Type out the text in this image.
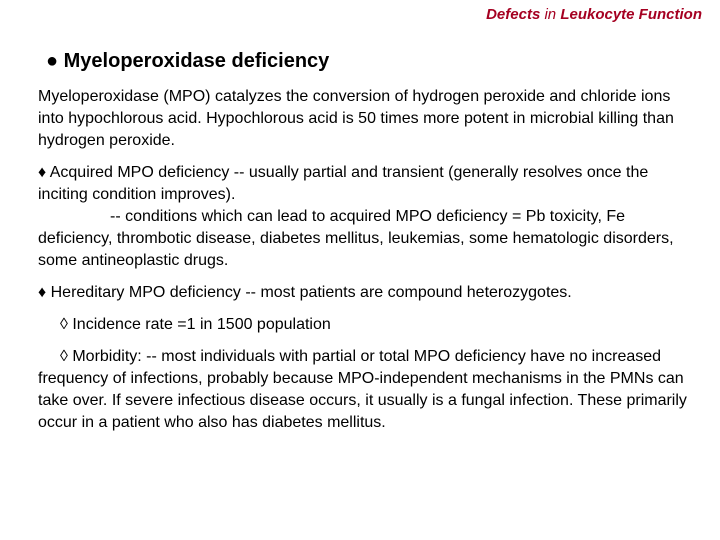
Defects in Leukocyte Function
● Myeloperoxidase deficiency

Myeloperoxidase (MPO) catalyzes the conversion of hydrogen peroxide and chloride ions into hypochlorous acid. Hypochlorous acid is 50 times more potent in microbial killing than hydrogen peroxide.

♦ Acquired MPO deficiency -- usually partial and transient (generally resolves once the inciting condition improves).

-- conditions which can lead to acquired MPO deficiency = Pb toxicity, Fe deficiency, thrombotic disease, diabetes mellitus, leukemias, some hematologic disorders, some antineoplastic drugs.

♦ Hereditary MPO deficiency -- most patients are compound heterozygotes.

◊ Incidence rate =1 in 1500 population

◊ Morbidity: -- most individuals with partial or total MPO deficiency have no increased frequency of infections, probably because MPO-independent mechanisms in the PMNs can take over. If severe infectious disease occurs, it usually is a fungal infection. These primarily occur in a patient who also has diabetes mellitus.
